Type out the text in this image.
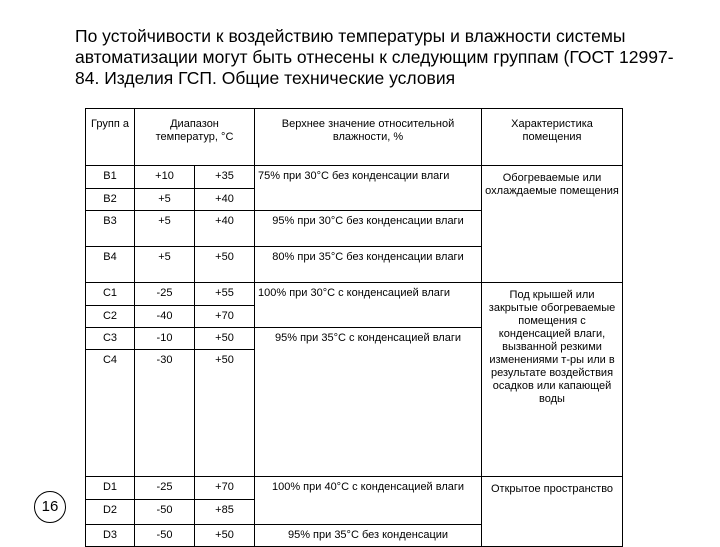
По устойчивости к воздействию температуры и влажности системы автоматизации могут быть отнесены к следующим группам (ГОСТ 12997-84. Изделия ГСП. Общие технические условия

Групп а	Диапазон температур, °С		Верхнее значение относительной влажности, %	Характеристика помещения
В1	+10	+35	75% при 30°С без конденсации влаги	Обогреваемые или охлаждаемые помещения
В2	+5	+40		
В3	+5	+40	95% при 30°С без конденсации влаги	
В4	+5	+50	80% при 35°С без конденсации влаги	
С1	-25	+55	100% при 30°С с конденсацией влаги	Под крышей или закрытые обогреваемые помещения с конденсацией влаги, вызванной резкими изменениями т-ры или в результате воздействия осадков или капающей воды
С2	-40	+70		
С3	-10	+50	95% при 35°С с конденсацией влаги	
С4	-30	+50		
D1	-25	+70	100% при 40°С с конденсацией влаги	Открытое пространство
D2	-50	+85		
D3	-50	+50	95% при 35°С без конденсации	
16
